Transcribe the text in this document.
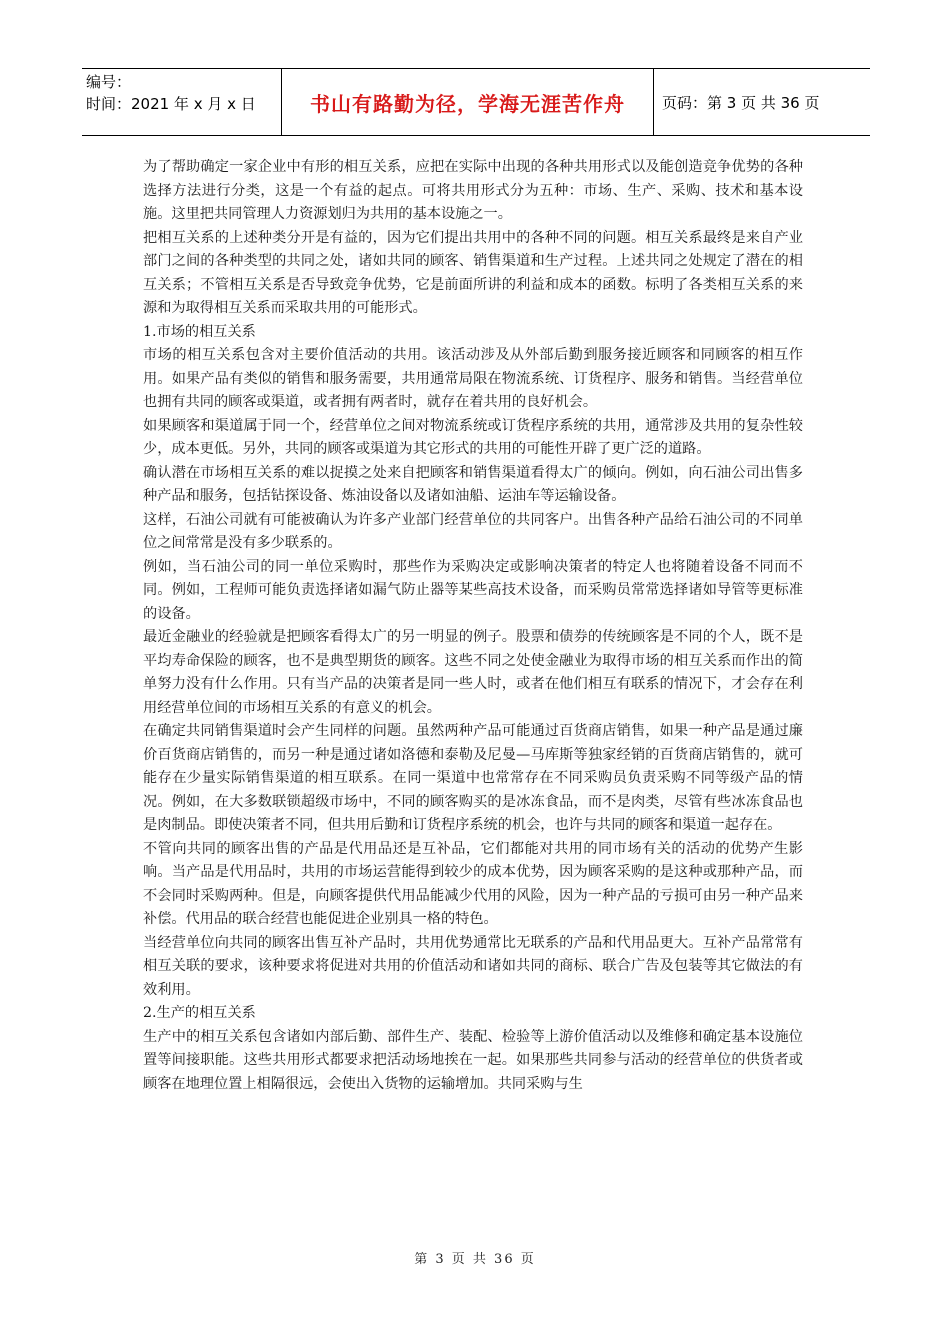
编号：
时间：2021 年 x 月 x 日	书山有路勤为径，学海无涯苦作舟	页码：第 3 页 共 36 页

为了帮助确定一家企业中有形的相互关系，应把在实际中出现的各种共用形式以及能创造竞争优势的各种选择方法进行分类，这是一个有益的起点。可将共用形式分为五种：市场、生产、采购、技术和基本设施。这里把共同管理人力资源划归为共用的基本设施之一。

把相互关系的上述种类分开是有益的，因为它们提出共用中的各种不同的问题。相互关系最终是来自产业部门之间的各种类型的共同之处，诸如共同的顾客、销售渠道和生产过程。上述共同之处规定了潜在的相互关系；不管相互关系是否导致竞争优势，它是前面所讲的利益和成本的函数。标明了各类相互关系的来源和为取得相互关系而采取共用的可能形式。

1.市场的相互关系

市场的相互关系包含对主要价值活动的共用。该活动涉及从外部后勤到服务接近顾客和同顾客的相互作用。如果产品有类似的销售和服务需要，共用通常局限在物流系统、订货程序、服务和销售。当经营单位也拥有共同的顾客或渠道，或者拥有两者时，就存在着共用的良好机会。

如果顾客和渠道属于同一个，经营单位之间对物流系统或订货程序系统的共用，通常涉及共用的复杂性较少，成本更低。另外，共同的顾客或渠道为其它形式的共用的可能性开辟了更广泛的道路。

确认潜在市场相互关系的难以捉摸之处来自把顾客和销售渠道看得太广的倾向。例如，向石油公司出售多种产品和服务，包括钻探设备、炼油设备以及诸如油船、运油车等运输设备。

这样，石油公司就有可能被确认为许多产业部门经营单位的共同客户。出售各种产品给石油公司的不同单位之间常常是没有多少联系的。

例如，当石油公司的同一单位采购时，那些作为采购决定或影响决策者的特定人也将随着设备不同而不同。例如，工程师可能负责选择诸如漏气防止器等某些高技术设备，而采购员常常选择诸如导管等更标准的设备。

最近金融业的经验就是把顾客看得太广的另一明显的例子。股票和债券的传统顾客是不同的个人，既不是平均寿命保险的顾客，也不是典型期货的顾客。这些不同之处使金融业为取得市场的相互关系而作出的简单努力没有什么作用。只有当产品的决策者是同一些人时，或者在他们相互有联系的情况下，才会存在利用经营单位间的市场相互关系的有意义的机会。

在确定共同销售渠道时会产生同样的问题。虽然两种产品可能通过百货商店销售，如果一种产品是通过廉价百货商店销售的，而另一种是通过诸如洛德和泰勒及尼曼—马库斯等独家经销的百货商店销售的，就可能存在少量实际销售渠道的相互联系。在同一渠道中也常常存在不同采购员负责采购不同等级产品的情况。例如，在大多数联锁超级市场中，不同的顾客购买的是冰冻食品，而不是肉类，尽管有些冰冻食品也是肉制品。即使决策者不同，但共用后勤和订货程序系统的机会，也许与共同的顾客和渠道一起存在。

不管向共同的顾客出售的产品是代用品还是互补品，它们都能对共用的同市场有关的活动的优势产生影响。当产品是代用品时，共用的市场运营能得到较少的成本优势，因为顾客采购的是这种或那种产品，而不会同时采购两种。但是，向顾客提供代用品能减少代用的风险，因为一种产品的亏损可由另一种产品来补偿。代用品的联合经营也能促进企业别具一格的特色。

当经营单位向共同的顾客出售互补产品时，共用优势通常比无联系的产品和代用品更大。互补产品常常有相互关联的要求，该种要求将促进对共用的价值活动和诸如共同的商标、联合广告及包装等其它做法的有效利用。

2.生产的相互关系

生产中的相互关系包含诸如内部后勤、部件生产、装配、检验等上游价值活动以及维修和确定基本设施位置等间接职能。这些共用形式都要求把活动场地挨在一起。如果那些共同参与活动的经营单位的供货者或顾客在地理位置上相隔很远，会使出入货物的运输增加。共同采购与生

第 3 页 共 36 页
